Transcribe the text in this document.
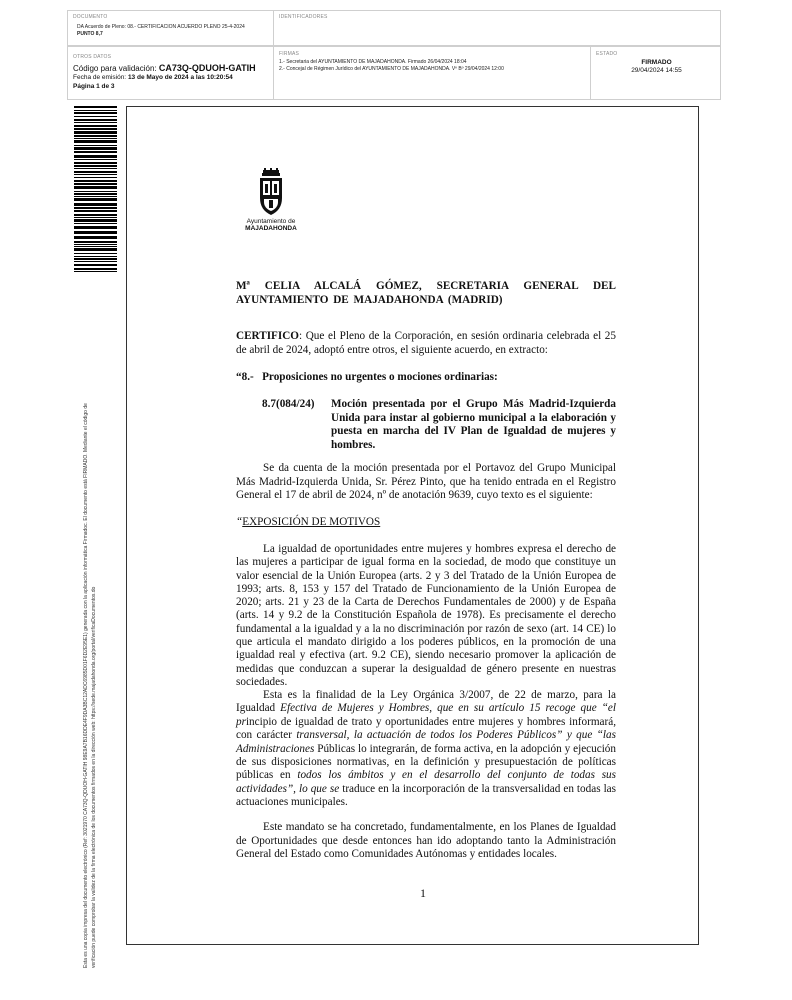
DOCUMENTO
DA Acuerdo de Pleno: 08.- CERTIFICACION ACUERDO PLENO 25-4-2024
PUNTO 8,7
IDENTIFICADORES
OTROS DATOS
Código para validación: CA73Q-QDUOH-GATIH
Fecha de emisión: 13 de Mayo de 2024 a las 10:20:54
Página 1 de 3
FIRMAS
1.- Secretaria del AYUNTAMIENTO DE MAJADAHONDA. Firmado 26/04/2024 18:04
2.- Concejal de Régimen Jurídico del AYUNTAMIENTO DE MAJADAHONDA. Vº Bº 29/04/2024 12:00
ESTADO
FIRMADO
29/04/2024 14:55
Esta es una copia impresa del documento electrónico (Ref: 3021970 CA73Q-QDUOH-GATIH 98E9A7B16DDE4F9DA3BC12ADC6985D01F6D2E95E1) generada con la aplicación informática Firmadoc. El documento está FIRMADO. Mediante el código de verificación puede comprobar la validez de la firma electrónica de los documentos firmados en la dirección web: https://sede.majadahonda.org/portal/verificaDocumentos.do
Ayuntamiento de
MAJADAHONDA
Mª CELIA ALCALÁ GÓMEZ, SECRETARIA GENERAL DEL AYUNTAMIENTO DE MAJADAHONDA (MADRID)
CERTIFICO: Que el Pleno de la Corporación, en sesión ordinaria celebrada el 25 de abril de 2024, adoptó entre otros, el siguiente acuerdo, en extracto:
“8.-   Proposiciones no urgentes o mociones ordinarias:
8.7(084/24) Moción presentada por el Grupo Más Madrid-Izquierda Unida para instar al gobierno municipal a la elaboración y puesta en marcha del IV Plan de Igualdad de mujeres y hombres.
Se da cuenta de la moción presentada por el Portavoz del Grupo Municipal Más Madrid-Izquierda Unida, Sr. Pérez Pinto, que ha tenido entrada en el Registro General el 17 de abril de 2024, nº de anotación 9639, cuyo texto es el siguiente:
“EXPOSICIÓN DE MOTIVOS
La igualdad de oportunidades entre mujeres y hombres expresa el derecho de las mujeres a participar de igual forma en la sociedad, de modo que constituye un valor esencial de la Unión Europea (arts. 2 y 3 del Tratado de la Unión Europea de 1993; arts. 8, 153 y 157 del Tratado de Funcionamiento de la Unión Europea de 2020; arts. 21 y 23 de la Carta de Derechos Fundamentales de 2000) y de España (arts. 14 y 9.2 de la Constitución Española de 1978). Es precisamente el derecho fundamental a la igualdad y a la no discriminación por razón de sexo (art. 14 CE) lo que articula el mandato dirigido a los poderes públicos, en la promoción de una igualdad real y efectiva (art. 9.2 CE), siendo necesario promover la aplicación de medidas que conduzcan a superar la desigualdad de género presente en nuestras sociedades.
Esta es la finalidad de la Ley Orgánica 3/2007, de 22 de marzo, para la Igualdad Efectiva de Mujeres y Hombres, que en su artículo 15 recoge que “el principio de igualdad de trato y oportunidades entre mujeres y hombres informará, con carácter transversal, la actuación de todos los Poderes Públicos” y que “las Administraciones Públicas lo integrarán, de forma activa, en la adopción y ejecución de sus disposiciones normativas, en la definición y presupuestación de políticas públicas en todos los ámbitos y en el desarrollo del conjunto de todas sus actividades”, lo que se traduce en la incorporación de la transversalidad en todas las actuaciones municipales.
Este mandato se ha concretado, fundamentalmente, en los Planes de Igualdad de Oportunidades que desde entonces han ido adoptando tanto la Administración General del Estado como Comunidades Autónomas y entidades locales.
1
